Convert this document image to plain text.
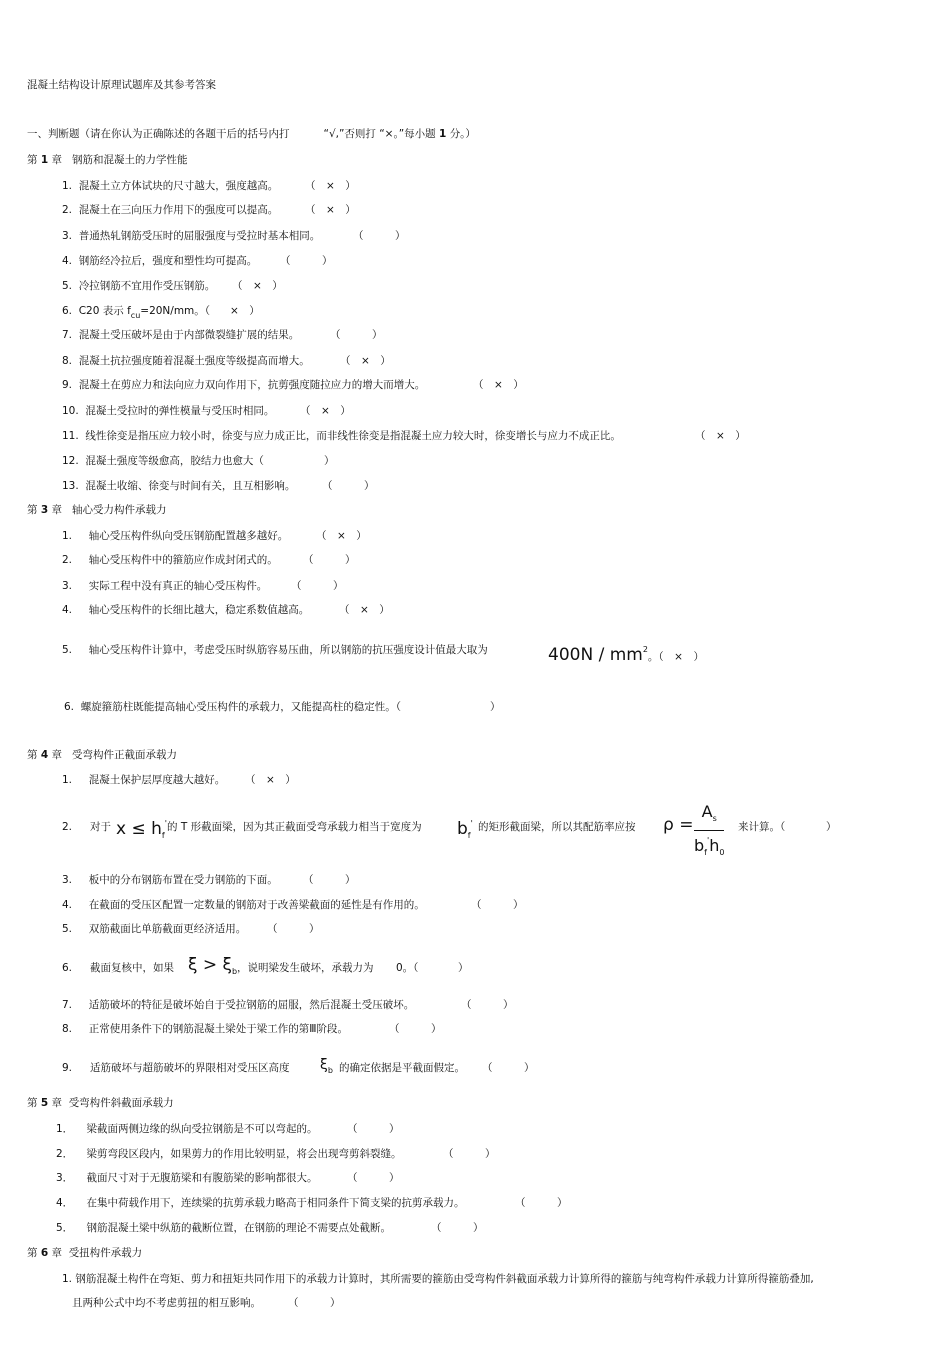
混凝土结构设计原理试题库及其参考答案
一、判断题（请在你认为正确陈述的各题干后的括号内打	“√,”否则打 “×。”每小题 1 分。）
第 1 章 钢筋和混凝土的力学性能
1. 混凝土立方体试块的尺寸越大，强度越高。	（　×　）
2. 混凝土在三向压力作用下的强度可以提高。	（　×　）
3. 普通热轧钢筋受压时的屈服强度与受拉时基本相同。	（　　　）
4. 钢筋经冷拉后，强度和塑性均可提高。 （　　　）
5. 冷拉钢筋不宜用作受压钢筋。 （　×　）
6. C20 表示 $f_{cu}=20N/mm$。（ ×　）
7. 混凝土受压破坏是由于内部微裂缝扩展的结果。	（　　　）
8. 混凝土抗拉强度随着混凝土强度等级提高而增大。	（　×　）
9. 混凝土在剪应力和法向应力双向作用下，抗剪强度随拉应力的增大而增大。	（　×　）
10. 混凝土受拉时的弹性模量与受压时相同。 （　×　）
11. 线性徐变是指压应力较小时，徐变与应力成正比，而非线性徐变是指混凝土应力较大时，徐变增长与应力不成正比。	（　×　）
12. 混凝土强度等级愈高，胶结力也愈大（	）
13. 混凝土收缩、徐变与时间有关，且互相影响。	（　　　）
第 3 章 轴心受力构件承载力
1. 轴心受压构件纵向受压钢筋配置越多越好。	（　×　）
2. 轴心受压构件中的箍筋应作成封闭式的。 （　　　）
3. 实际工程中没有真正的轴心受压构件。 （　　　）
4. 轴心受压构件的长细比越大，稳定系数值越高。	（　×　）
5. 轴心受压构件计算中，考虑受压时纵筋容易压曲，所以钢筋的抗压强度设计值最大取为	$400N / mm^2$。（　×　）
6. 螺旋箍筋柱既能提高轴心受压构件的承载力，又能提高柱的稳定性。（	）
第 4 章 受弯构件正截面承载力
1. 混凝土保护层厚度越大越好。 （　×　）
2. 对于 $x \le h_f'$ 的 T 形截面梁，因为其正截面受弯承载力相当于宽度为 $b_f'$ 的矩形截面梁，所以其配筋率应按 $\rho = \frac{A_s}{b_f'h_0}$ 来计算。（	）
3. 板中的分布钢筋布置在受力钢筋的下面。 （　　　）
4. 在截面的受压区配置一定数量的钢筋对于改善梁截面的延性是有作用的。	（　　　）
5. 双筋截面比单筋截面更经济适用。 （　　　）
6. 截面复核中，如果 $\xi > \xi_b$ ，说明梁发生破坏，承载力为 0。（	）
7. 适筋破坏的特征是破坏始自于受拉钢筋的屈服，然后混凝土受压破坏。	（　　　）
8. 正常使用条件下的钢筋混凝土梁处于梁工作的第Ⅲ阶段。	（　　　）
9. 适筋破坏与超筋破坏的界限相对受压区高度 $\xi_b$ 的确定依据是平截面假定。 （　　　）
第 5 章 受弯构件斜截面承载力
1． 梁截面两侧边缘的纵向受拉钢筋是不可以弯起的。	（　　　）
2． 梁剪弯段区段内，如果剪力的作用比较明显，将会出现弯剪斜裂缝。	（　　　）
3． 截面尺寸对于无腹筋梁和有腹筋梁的影响都很大。	（　　　）
4． 在集中荷载作用下，连续梁的抗剪承载力略高于相同条件下简支梁的抗剪承载力。	（　　　）
5． 钢筋混凝土梁中纵筋的截断位置，在钢筋的理论不需要点处截断。	（　　　）
第 6 章 受扭构件承载力
1. 钢筋混凝土构件在弯矩、剪力和扭矩共同作用下的承载力计算时，其所需要的箍筋由受弯构件斜截面承载力计算所得的箍筋与纯弯构件承载力计算所得箍筋叠加,
且两种公式中均不考虑剪扭的相互影响。	（　　　）
